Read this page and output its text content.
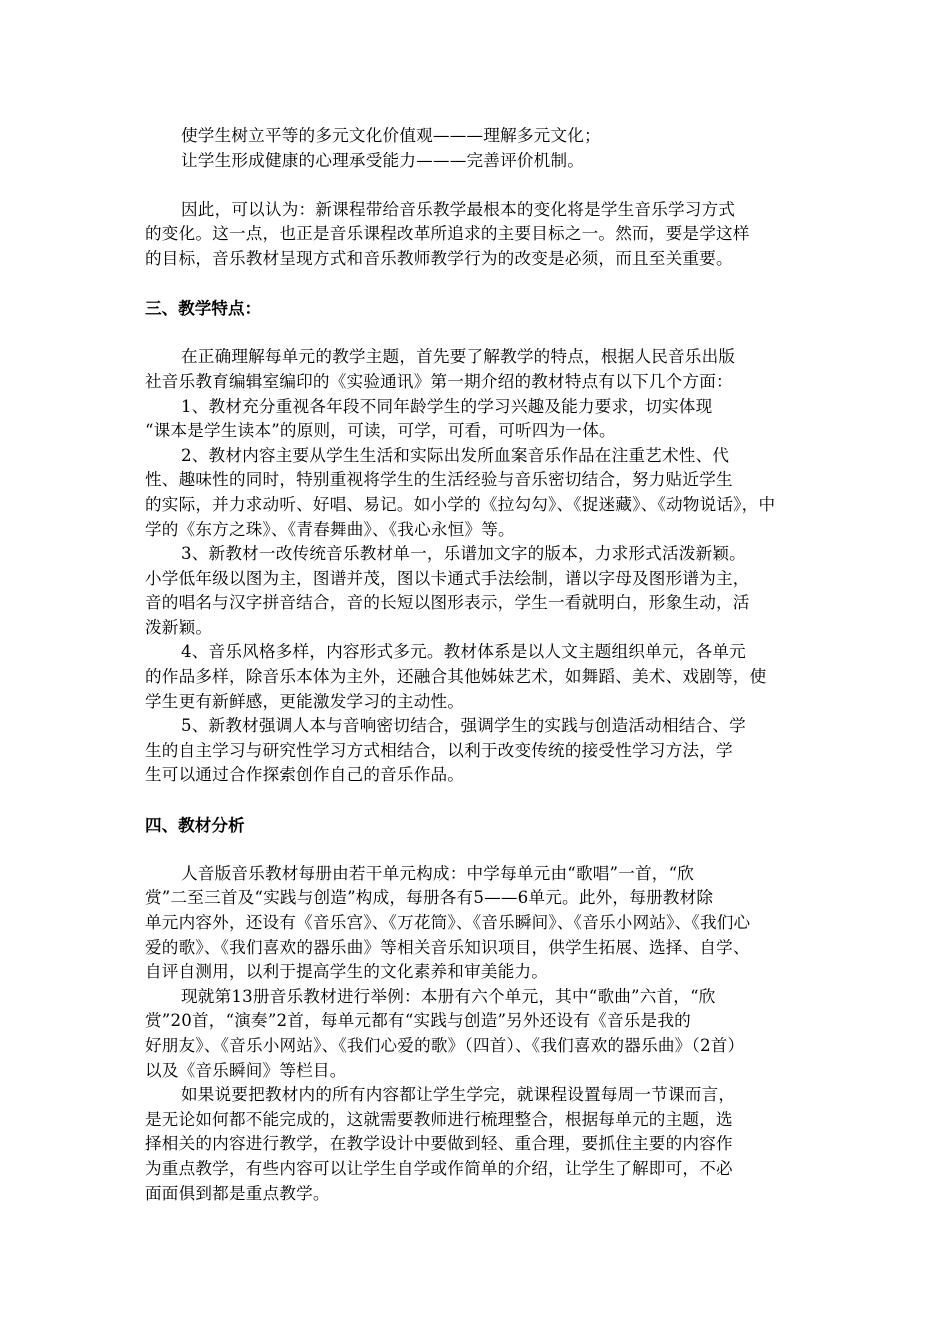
使学生树立平等的多元文化价值观———理解多元文化；
让学生形成健康的心理承受能力———完善评价机制。
因此，可以认为：新课程带给音乐教学最根本的变化将是学生音乐学习方式
的变化。这一点，也正是音乐课程改革所追求的主要目标之一。然而，要是学这样
的目标，音乐教材呈现方式和音乐教师教学行为的改变是必须，而且至关重要。
三、教学特点：
在正确理解每单元的教学主题，首先要了解教学的特点，根据人民音乐出版
社音乐教育编辑室编印的《实验通讯》第一期介绍的教材特点有以下几个方面：
1、教材充分重视各年段不同年龄学生的学习兴趣及能力要求，切实体现
“课本是学生读本”的原则，可读，可学，可看，可听四为一体。
2、教材内容主要从学生生活和实际出发所血案音乐作品在注重艺术性、代
性、趣味性的同时，特别重视将学生的生活经验与音乐密切结合，努力贴近学生
的实际，并力求动听、好唱、易记。如小学的《拉勾勾》、《捉迷藏》、《动物说话》，中
学的《东方之珠》、《青春舞曲》、《我心永恒》等。
3、新教材一改传统音乐教材单一，乐谱加文字的版本，力求形式活泼新颖。
小学低年级以图为主，图谱并茂，图以卡通式手法绘制，谱以字母及图形谱为主，
音的唱名与汉字拼音结合，音的长短以图形表示，学生一看就明白，形象生动，活
泼新颖。
4、音乐风格多样，内容形式多元。教材体系是以人文主题组织单元，各单元
的作品多样，除音乐本体为主外，还融合其他姊妹艺术，如舞蹈、美术、戏剧等，使
学生更有新鲜感，更能激发学习的主动性。
5、新教材强调人本与音响密切结合，强调学生的实践与创造活动相结合、学
生的自主学习与研究性学习方式相结合，以利于改变传统的接受性学习方法，学
生可以通过合作探索创作自己的音乐作品。
四、教材分析
人音版音乐教材每册由若干单元构成：中学每单元由“歌唱”一首，“欣
赏”二至三首及“实践与创造”构成，每册各有5——6单元。此外，每册教材除
单元内容外，还设有《音乐宫》、《万花筒》、《音乐瞬间》、《音乐小网站》、《我们心
爱的歌》、《我们喜欢的器乐曲》等相关音乐知识项目，供学生拓展、选择、自学、
自评自测用，以利于提高学生的文化素养和审美能力。
现就第13册音乐教材进行举例：本册有六个单元，其中“歌曲”六首，“欣
赏”20首，“演奏”2首，每单元都有“实践与创造”另外还设有《音乐是我的
好朋友》、《音乐小网站》、《我们心爱的歌》（四首）、《我们喜欢的器乐曲》（2首）
以及《音乐瞬间》等栏目。
如果说要把教材内的所有内容都让学生学完，就课程设置每周一节课而言，
是无论如何都不能完成的，这就需要教师进行梳理整合，根据每单元的主题，选
择相关的内容进行教学，在教学设计中要做到轻、重合理，要抓住主要的内容作
为重点教学，有些内容可以让学生自学或作简单的介绍，让学生了解即可，不必
面面俱到都是重点教学。
